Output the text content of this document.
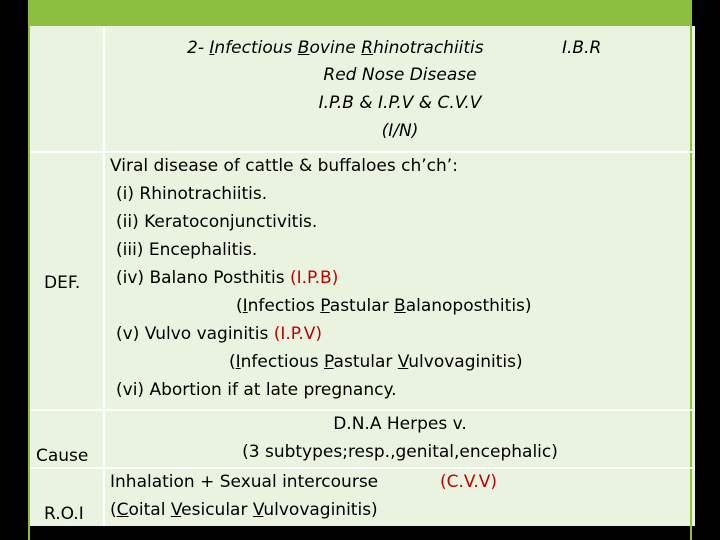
2- Infectious Bovine Rhinotrachiitis	I.B.R
Red Nose Disease
I.P.B & I.P.V & C.V.V
(I/N)
DEF.
Cause
R.O.I
Viral disease of cattle & buffaloes ch’ch’:
(i) Rhinotrachiitis.
(ii) Keratoconjunctivitis.
(iii) Encephalitis.
(iv) Balano Posthitis (I.P.B)
(Infectios Pastular Balanoposthitis)
(v) Vulvo vaginitis (I.P.V)
(Infectious Pastular Vulvovaginitis)
(vi) Abortion if at late pregnancy.
D.N.A Herpes v.
(3 subtypes;resp.,genital,encephalic)
Inhalation + Sexual intercourse	(C.V.V)
(Coital Vesicular Vulvovaginitis)
